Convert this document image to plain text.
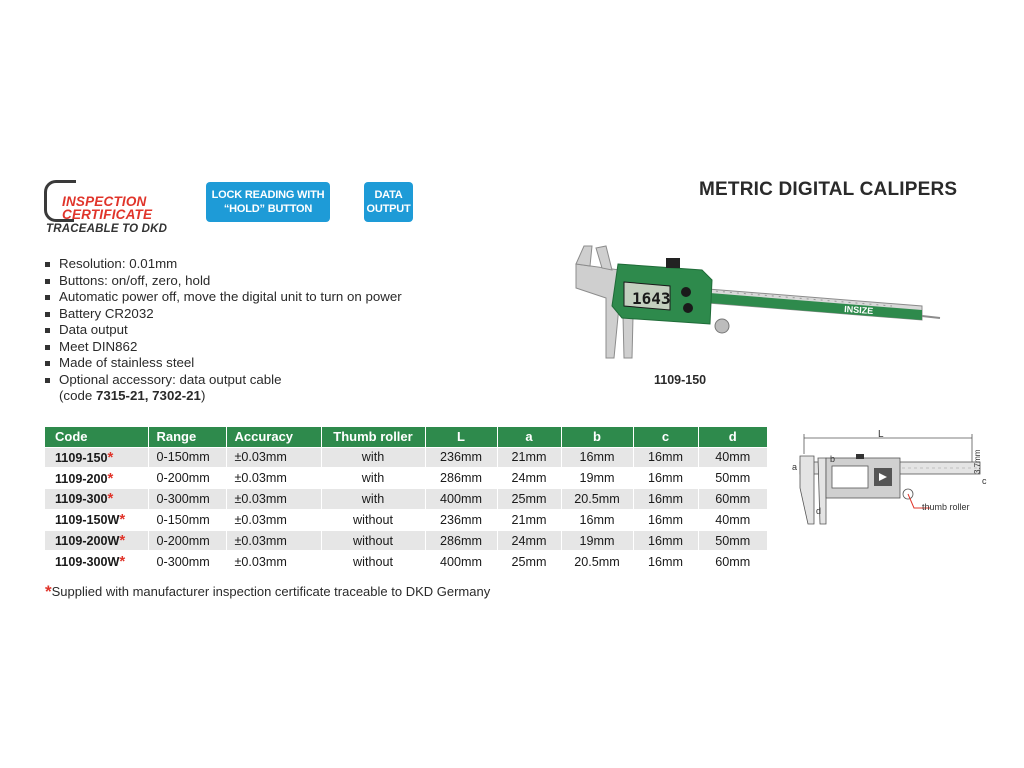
INSPECTION
CERTIFICATE
TRACEABLE TO DKD
LOCK READING WITH
“HOLD” BUTTON
DATA
OUTPUT
METRIC DIGITAL CALIPERS
Resolution: 0.01mm
Buttons: on/off, zero, hold
Automatic power off, move the digital unit to turn on power
Battery CR2032
Data output
Meet DIN862
Made of stainless steel
Optional accessory: data output cable
(code 7315-21, 7302-21)
1643
INSIZE
1109-150
Code	Range	Accuracy	Thumb roller	L	a	b	c	d
1109-150*	0-150mm	±0.03mm	with	236mm	21mm	16mm	16mm	40mm
1109-200*	0-200mm	±0.03mm	with	286mm	24mm	19mm	16mm	50mm
1109-300*	0-300mm	±0.03mm	with	400mm	25mm	20.5mm	16mm	60mm
1109-150W*	0-150mm	±0.03mm	without	236mm	21mm	16mm	16mm	40mm
1109-200W*	0-200mm	±0.03mm	without	286mm	24mm	19mm	16mm	50mm
1109-300W*	0-300mm	±0.03mm	without	400mm	25mm	20.5mm	16mm	60mm
*Supplied with manufacturer inspection certificate traceable to DKD Germany
L
thumb roller
a
b
c
d
3.7mm
